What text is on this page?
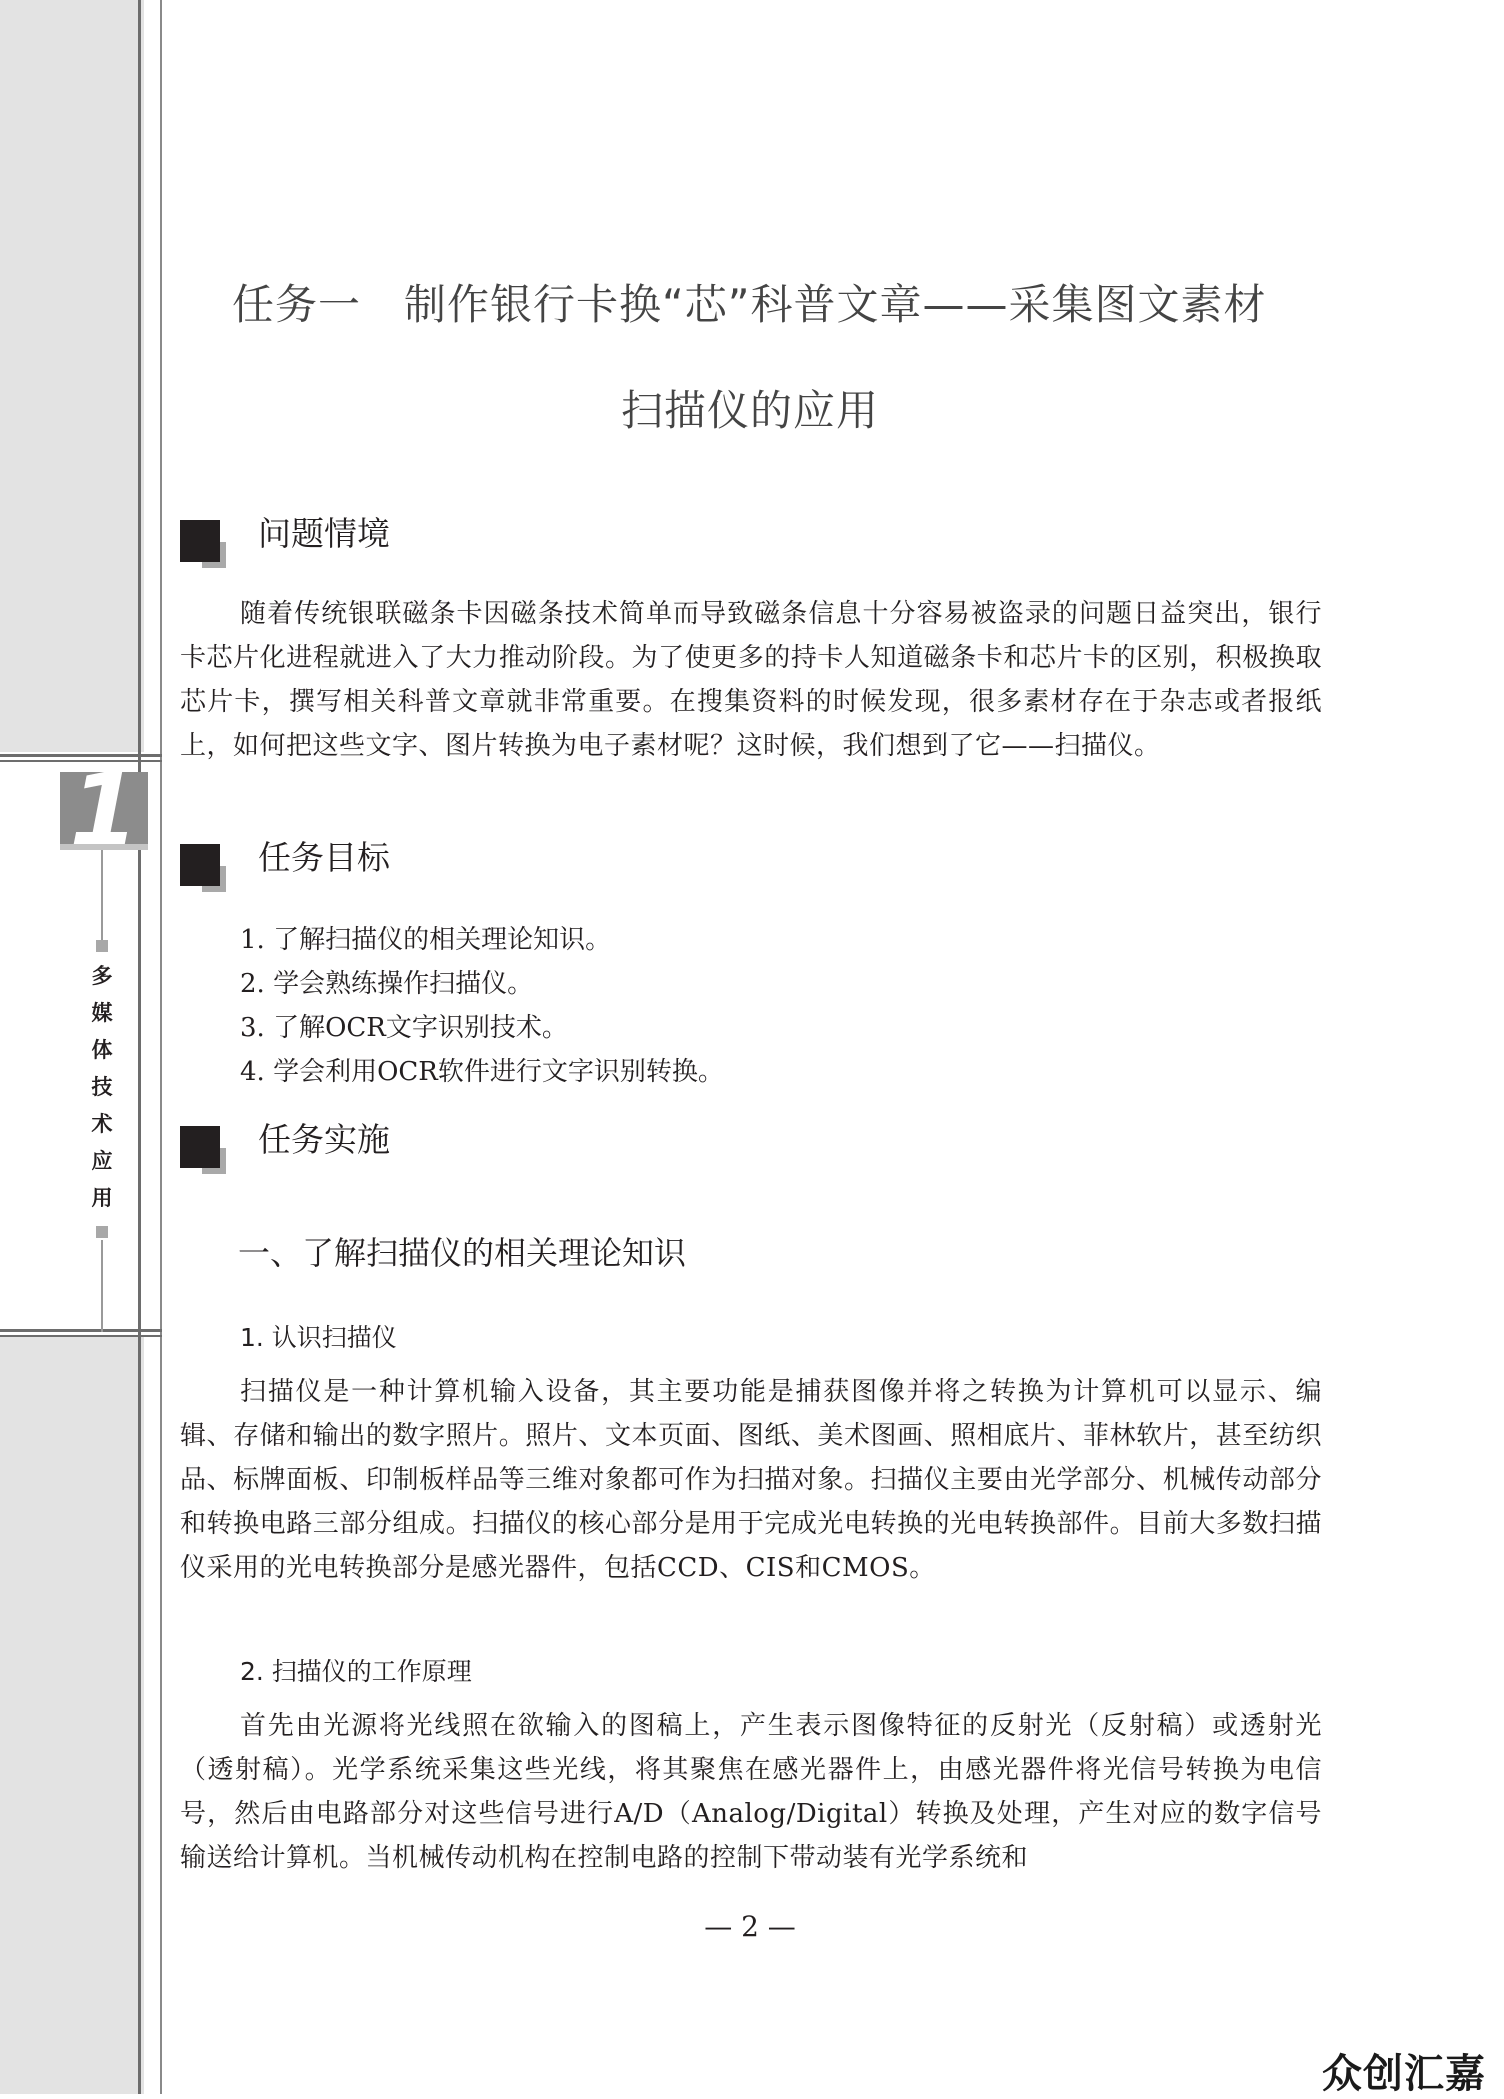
1
多媒体技术应用
任务一　制作银行卡换“芯”科普文章——采集图文素材
扫描仪的应用
问题情境
随着传统银联磁条卡因磁条技术简单而导致磁条信息十分容易被盗录的问题日益突出，银行卡芯片化进程就进入了大力推动阶段。为了使更多的持卡人知道磁条卡和芯片卡的区别，积极换取芯片卡，撰写相关科普文章就非常重要。在搜集资料的时候发现，很多素材存在于杂志或者报纸上，如何把这些文字、图片转换为电子素材呢？这时候，我们想到了它——扫描仪。
任务目标
1. 了解扫描仪的相关理论知识。
2. 学会熟练操作扫描仪。
3. 了解OCR文字识别技术。
4. 学会利用OCR软件进行文字识别转换。
任务实施
一、了解扫描仪的相关理论知识
1. 认识扫描仪
扫描仪是一种计算机输入设备，其主要功能是捕获图像并将之转换为计算机可以显示、编辑、存储和输出的数字照片。照片、文本页面、图纸、美术图画、照相底片、菲林软片，甚至纺织品、标牌面板、印制板样品等三维对象都可作为扫描对象。扫描仪主要由光学部分、机械传动部分和转换电路三部分组成。扫描仪的核心部分是用于完成光电转换的光电转换部件。目前大多数扫描仪采用的光电转换部分是感光器件，包括CCD、CIS和CMOS。
2. 扫描仪的工作原理
首先由光源将光线照在欲输入的图稿上，产生表示图像特征的反射光（反射稿）或透射光（透射稿）。光学系统采集这些光线，将其聚焦在感光器件上，由感光器件将光信号转换为电信号，然后由电路部分对这些信号进行A/D（Analog/Digital）转换及处理，产生对应的数字信号输送给计算机。当机械传动机构在控制电路的控制下带动装有光学系统和
— 2 —
众创汇嘉
